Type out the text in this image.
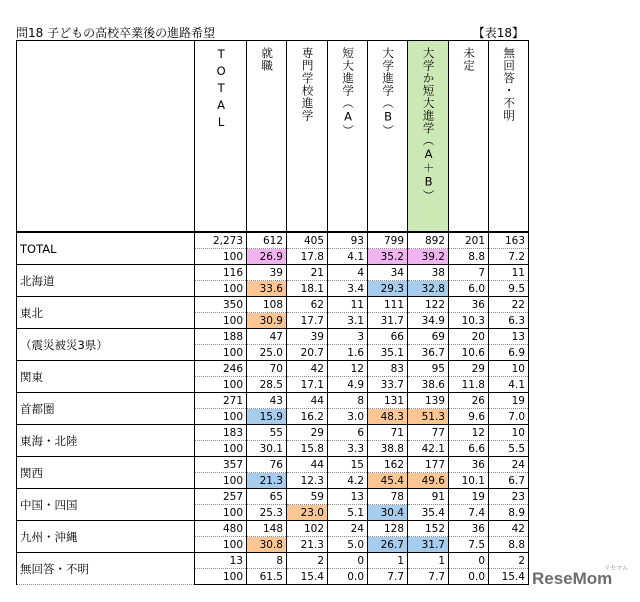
問18 子どもの高校卒業後の進路希望	【表18】

	TOTAL	就職	専門学校進学	短大進学（A）	大学進学（B）	大学か短大進学（A＋B）	未定	無回答・不明

TOTAL	2,273	612	405	93	799	892	201	163
	100	26.9	17.8	4.1	35.2	39.2	8.8	7.2
北海道	116	39	21	4	34	38	7	11
	100	33.6	18.1	3.4	29.3	32.8	6.0	9.5
東北	350	108	62	11	111	122	36	22
	100	30.9	17.7	3.1	31.7	34.9	10.3	6.3
（震災被災3県）	188	47	39	3	66	69	20	13
	100	25.0	20.7	1.6	35.1	36.7	10.6	6.9
関東	246	70	42	12	83	95	29	10
	100	28.5	17.1	4.9	33.7	38.6	11.8	4.1
首都圏	271	43	44	8	131	139	26	19
	100	15.9	16.2	3.0	48.3	51.3	9.6	7.0
東海・北陸	183	55	29	6	71	77	12	10
	100	30.1	15.8	3.3	38.8	42.1	6.6	5.5
関西	357	76	44	15	162	177	36	24
	100	21.3	12.3	4.2	45.4	49.6	10.1	6.7
中国・四国	257	65	59	13	78	91	19	23
	100	25.3	23.0	5.1	30.4	35.4	7.4	8.9
九州・沖縄	480	148	102	24	128	152	36	42
	100	30.8	21.3	5.0	26.7	31.7	7.5	8.8
無回答・不明	13	8	2	0	1	1	0	2
	100	61.5	15.4	0.0	7.7	7.7	0.0	15.4 ReseMom
リセマム
